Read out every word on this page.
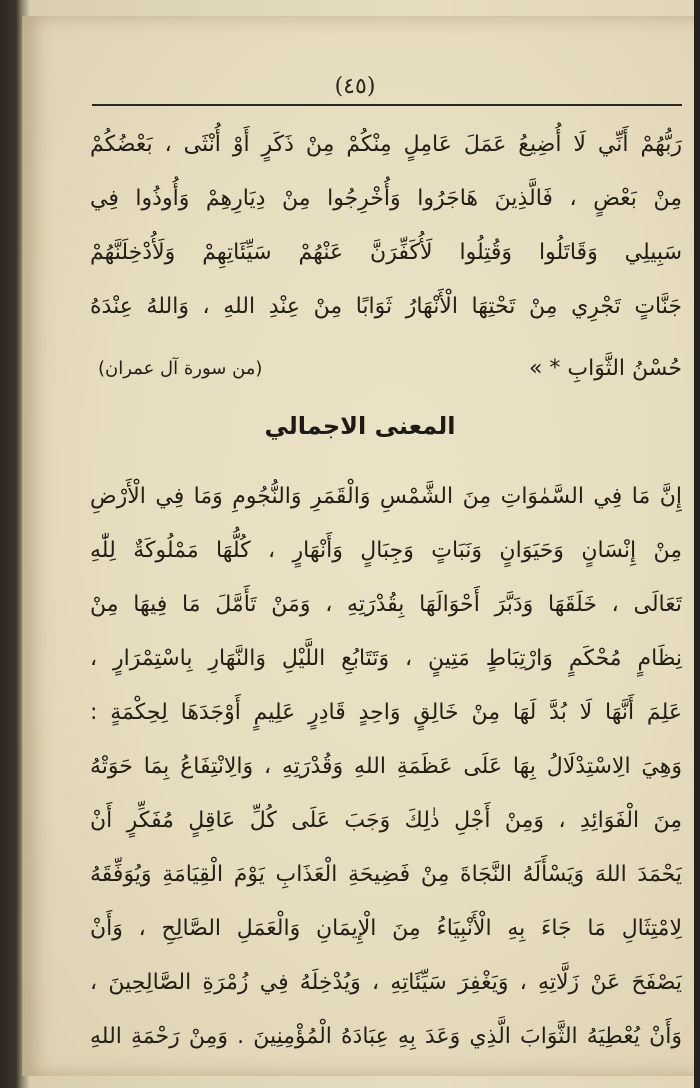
(٤٥)
رَبُّهُمْ أَنِّي لَا أُضِيعُ عَمَلَ عَامِلٍ مِنْكُمْ مِنْ ذَكَرٍ أَوْ أُنْثَى ، بَعْضُكُمْ
مِنْ بَعْضٍ ، فَالَّذِينَ هَاجَرُوا وَأُخْرِجُوا مِنْ دِيَارِهِمْ وَأُوذُوا فِي
سَبِيلِي وَقَاتَلُوا وَقُتِلُوا لَأُكَفِّرَنَّ عَنْهُمْ سَيِّئَاتِهِمْ وَلَأُدْخِلَنَّهُمْ
جَنَّاتٍ تَجْرِي مِنْ تَحْتِهَا الْأَنْهَارُ ثَوَابًا مِنْ عِنْدِ اللهِ ، وَاللهُ عِنْدَهُ
حُسْنُ الثَّوَابِ * »
(من سورة آل عمران)
المعنى الاجمالي
إِنَّ مَا فِي السَّمٰوَاتِ مِنَ الشَّمْسِ وَالْقَمَرِ وَالنُّجُومِ وَمَا فِي الْأَرْضِ
مِنْ إِنْسَانٍ وَحَيَوَانٍ وَنَبَاتٍ وَجِبَالٍ وَأَنْهَارٍ ، كُلُّهَا مَمْلُوكَةٌ لِلّٰهِ
تَعَالَى ، خَلَقَهَا وَدَبَّرَ أَحْوَالَهَا بِقُدْرَتِهِ ، وَمَنْ تَأَمَّلَ مَا فِيهَا مِنْ
نِظَامٍ مُحْكَمٍ وَارْتِبَاطٍ مَتِينٍ ، وَتَتَابُعِ اللَّيْلِ وَالنَّهَارِ بِاسْتِمْرَارٍ ،
عَلِمَ أَنَّهَا لَا بُدَّ لَهَا مِنْ خَالِقٍ وَاحِدٍ قَادِرٍ عَلِيمٍ أَوْجَدَهَا لِحِكْمَةٍ :
وَهِيَ الِاسْتِدْلَالُ بِهَا عَلَى عَظَمَةِ اللهِ وَقُدْرَتِهِ ، وَالِانْتِفَاعُ بِمَا حَوَتْهُ
مِنَ الْفَوَائِدِ ، وَمِنْ أَجْلِ ذٰلِكَ وَجَبَ عَلَى كُلِّ عَاقِلٍ مُفَكِّرٍ أَنْ
يَحْمَدَ اللهَ وَيَسْأَلَهُ النَّجَاةَ مِنْ فَضِيحَةِ الْعَذَابِ يَوْمَ الْقِيَامَةِ وَيُوَفِّقَهُ
لِامْتِثَالِ مَا جَاءَ بِهِ الْأَنْبِيَاءُ مِنَ الْإِيمَانِ وَالْعَمَلِ الصَّالِحِ ، وَأَنْ
يَصْفَحَ عَنْ زَلَّاتِهِ ، وَيَغْفِرَ سَيِّئَاتِهِ ، وَيُدْخِلَهُ فِي زُمْرَةِ الصَّالِحِينَ ،
وَأَنْ يُعْطِيَهُ الثَّوَابَ الَّذِي وَعَدَ بِهِ عِبَادَهُ الْمُؤْمِنِينَ . وَمِنْ رَحْمَةِ اللهِ
